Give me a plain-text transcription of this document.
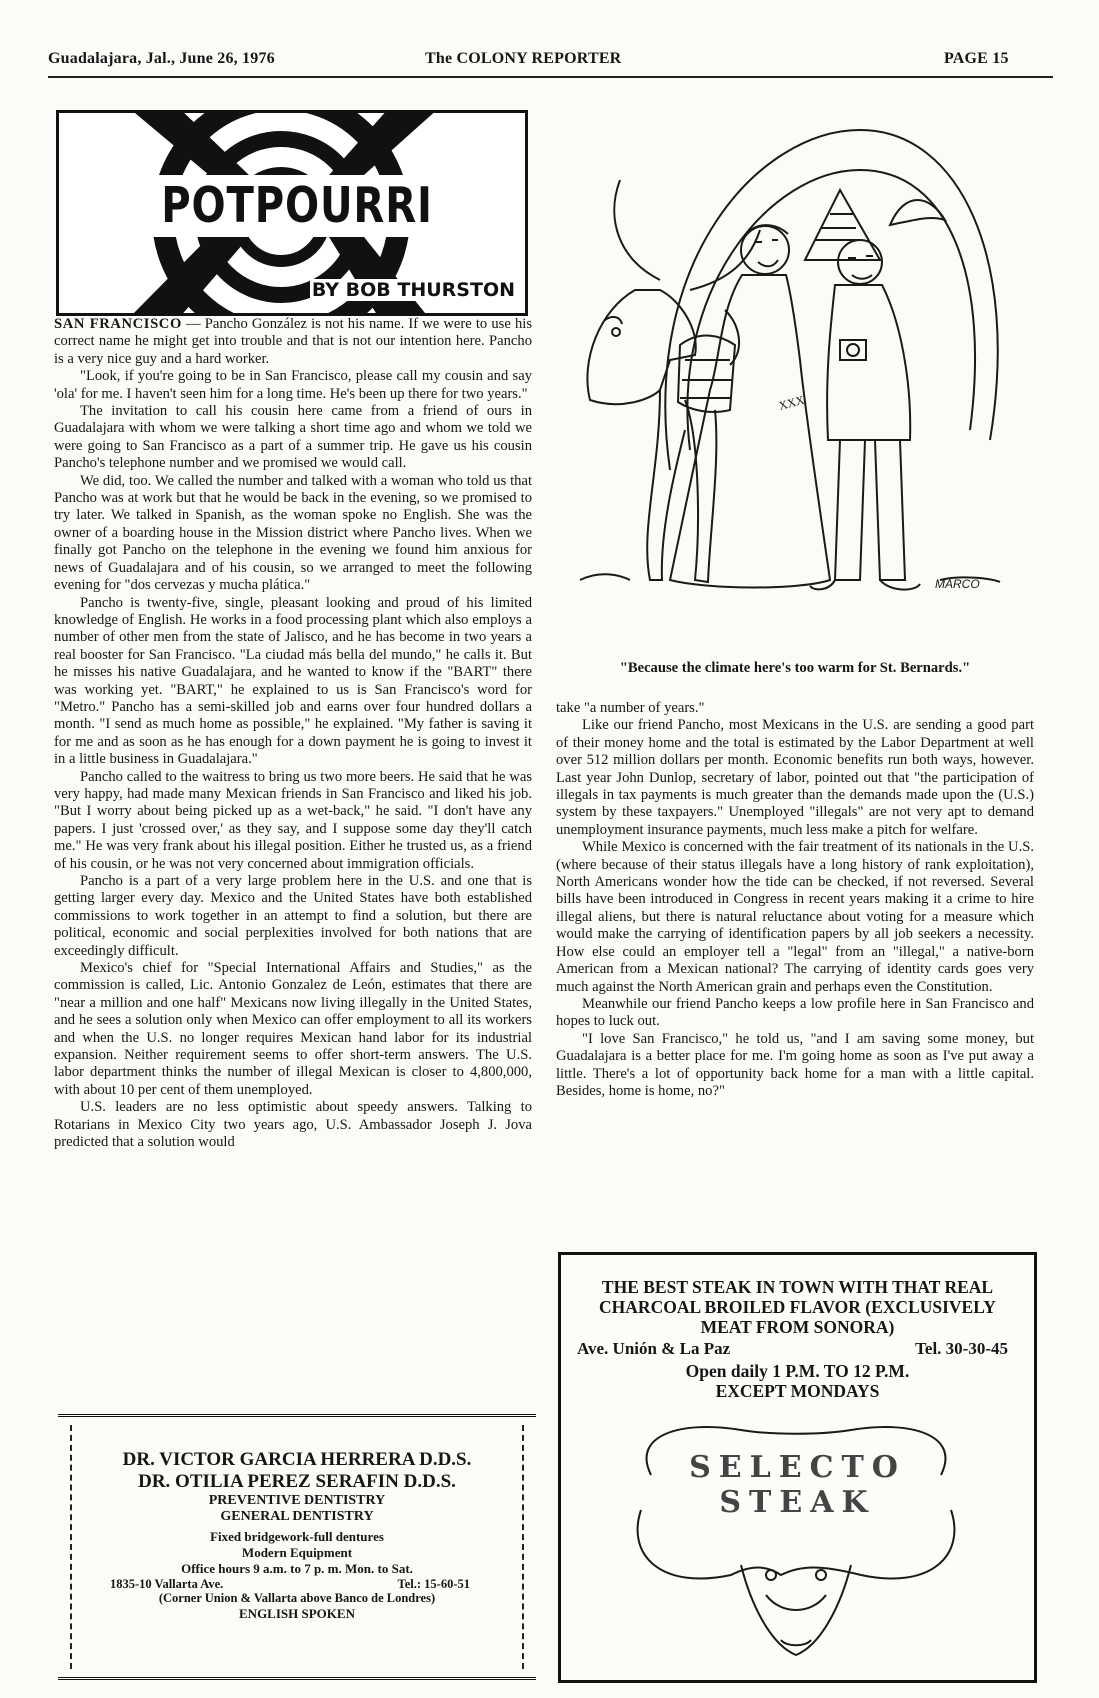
Guadalajara, Jal., June 26, 1976	The COLONY REPORTER	PAGE 15
POTPOURRI
BY BOB THURSTON

SAN FRANCISCO — Pancho González is not his name. If we were to use his correct name he might get into trouble and that is not our intention here. Pancho is a very nice guy and a hard worker.

"Look, if you're going to be in San Francisco, please call my cousin and say 'ola' for me. I haven't seen him for a long time. He's been up there for two years."

The invitation to call his cousin here came from a friend of ours in Guadalajara with whom we were talking a short time ago and whom we told we were going to San Francisco as a part of a summer trip. He gave us his cousin Pancho's telephone number and we promised we would call.

We did, too. We called the number and talked with a woman who told us that Pancho was at work but that he would be back in the evening, so we promised to try later. We talked in Spanish, as the woman spoke no English. She was the owner of a boarding house in the Mission district where Pancho lives. When we finally got Pancho on the telephone in the evening we found him anxious for news of Guadalajara and of his cousin, so we arranged to meet the following evening for "dos cervezas y mucha plática."

Pancho is twenty-five, single, pleasant looking and proud of his limited knowledge of English. He works in a food processing plant which also employs a number of other men from the state of Jalisco, and he has become in two years a real booster for San Francisco. "La ciudad más bella del mundo," he calls it. But he misses his native Guadalajara, and he wanted to know if the "BART" there was working yet. "BART," he explained to us is San Francisco's word for "Metro." Pancho has a semi-skilled job and earns over four hundred dollars a month. "I send as much home as possible," he explained. "My father is saving it for me and as soon as he has enough for a down payment he is going to invest it in a little business in Guadalajara."

Pancho called to the waitress to bring us two more beers. He said that he was very happy, had made many Mexican friends in San Francisco and liked his job. "But I worry about being picked up as a wet-back," he said. "I don't have any papers. I just 'crossed over,' as they say, and I suppose some day they'll catch me." He was very frank about his illegal position. Either he trusted us, as a friend of his cousin, or he was not very concerned about immigration officials.

Pancho is a part of a very large problem here in the U.S. and one that is getting larger every day. Mexico and the United States have both established commissions to work together in an attempt to find a solution, but there are political, economic and social perplexities involved for both nations that are exceedingly difficult.

Mexico's chief for "Special International Affairs and Studies," as the commission is called, Lic. Antonio Gonzalez de León, estimates that there are "near a million and one half" Mexicans now living illegally in the United States, and he sees a solution only when Mexico can offer employment to all its workers and when the U.S. no longer requires Mexican hand labor for its industrial expansion. Neither requirement seems to offer short-term answers. The U.S. labor department thinks the number of illegal Mexican is closer to 4,800,000, with about 10 per cent of them unemployed.

U.S. leaders are no less optimistic about speedy answers. Talking to Rotarians in Mexico City two years ago, U.S. Ambassador Joseph J. Jova predicted that a solution would

XXX
MARCO
"Because the climate here's too warm for St. Bernards."

take "a number of years."

Like our friend Pancho, most Mexicans in the U.S. are sending a good part of their money home and the total is estimated by the Labor Department at well over 512 million dollars per month. Economic benefits run both ways, however. Last year John Dunlop, secretary of labor, pointed out that "the participation of illegals in tax payments is much greater than the demands made upon the (U.S.) system by these taxpayers." Unemployed "illegals" are not very apt to demand unemployment insurance payments, much less make a pitch for welfare.

While Mexico is concerned with the fair treatment of its nationals in the U.S. (where because of their status illegals have a long history of rank exploitation), North Americans wonder how the tide can be checked, if not reversed. Several bills have been introduced in Congress in recent years making it a crime to hire illegal aliens, but there is natural reluctance about voting for a measure which would make the carrying of identification papers by all job seekers a necessity. How else could an employer tell a "legal" from an "illegal," a native-born American from a Mexican national? The carrying of identity cards goes very much against the North American grain and perhaps even the Constitution.

Meanwhile our friend Pancho keeps a low profile here in San Francisco and hopes to luck out.

"I love San Francisco," he told us, "and I am saving some money, but Guadalajara is a better place for me. I'm going home as soon as I've put away a little. There's a lot of opportunity back home for a man with a little capital. Besides, home is home, no?"

DR. VICTOR GARCIA HERRERA D.D.S.
DR. OTILIA PEREZ SERAFIN D.D.S.
PREVENTIVE DENTISTRY
GENERAL DENTISTRY
Fixed bridgework-full dentures
Modern Equipment
Office hours 9 a.m. to 7 p. m. Mon. to Sat.
1835-10 Vallarta Ave.	Tel.: 15-60-51
(Corner Union & Vallarta above Banco de Londres)
ENGLISH SPOKEN
THE BEST STEAK IN TOWN WITH THAT REAL
CHARCOAL BROILED FLAVOR (EXCLUSIVELY
MEAT FROM SONORA)
Ave. Unión & La Paz	Tel. 30-30-45
Open daily 1 P.M. TO 12 P.M.
EXCEPT MONDAYS
SELECTO
STEAK
